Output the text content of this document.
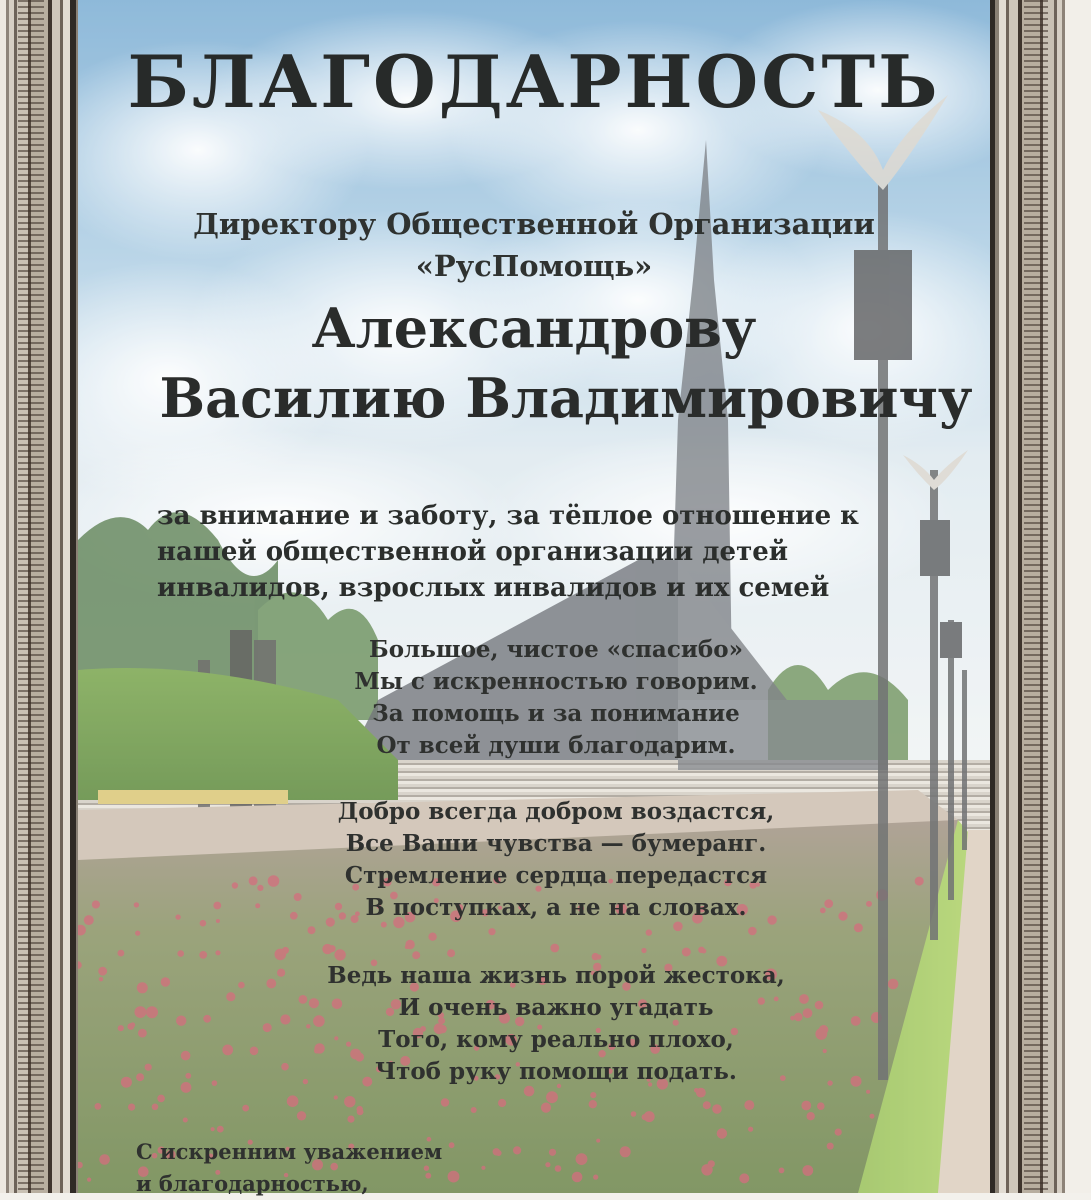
БЛАГОДАРНОСТЬ
Директору Общественной Организации
«РусПомощь»
Александрову
Василию Владимировичу
за внимание и заботу, за тёплое отношение к
нашей общественной организации детей
инвалидов, взрослых инвалидов и их семей
Большое, чистое «спасибо»
Мы с искренностью говорим.
За помощь и за понимание
От всей души благодарим.
Добро всегда добром воздастся,
Все Ваши чувства — бумеранг.
Стремление сердца передастся
В поступках, а не на словах.
Ведь наша жизнь порой жестока,
И очень важно угадать
Того, кому реально плохо,
Чтоб руку помощи подать.
С искренним уважением
и благодарностью,
